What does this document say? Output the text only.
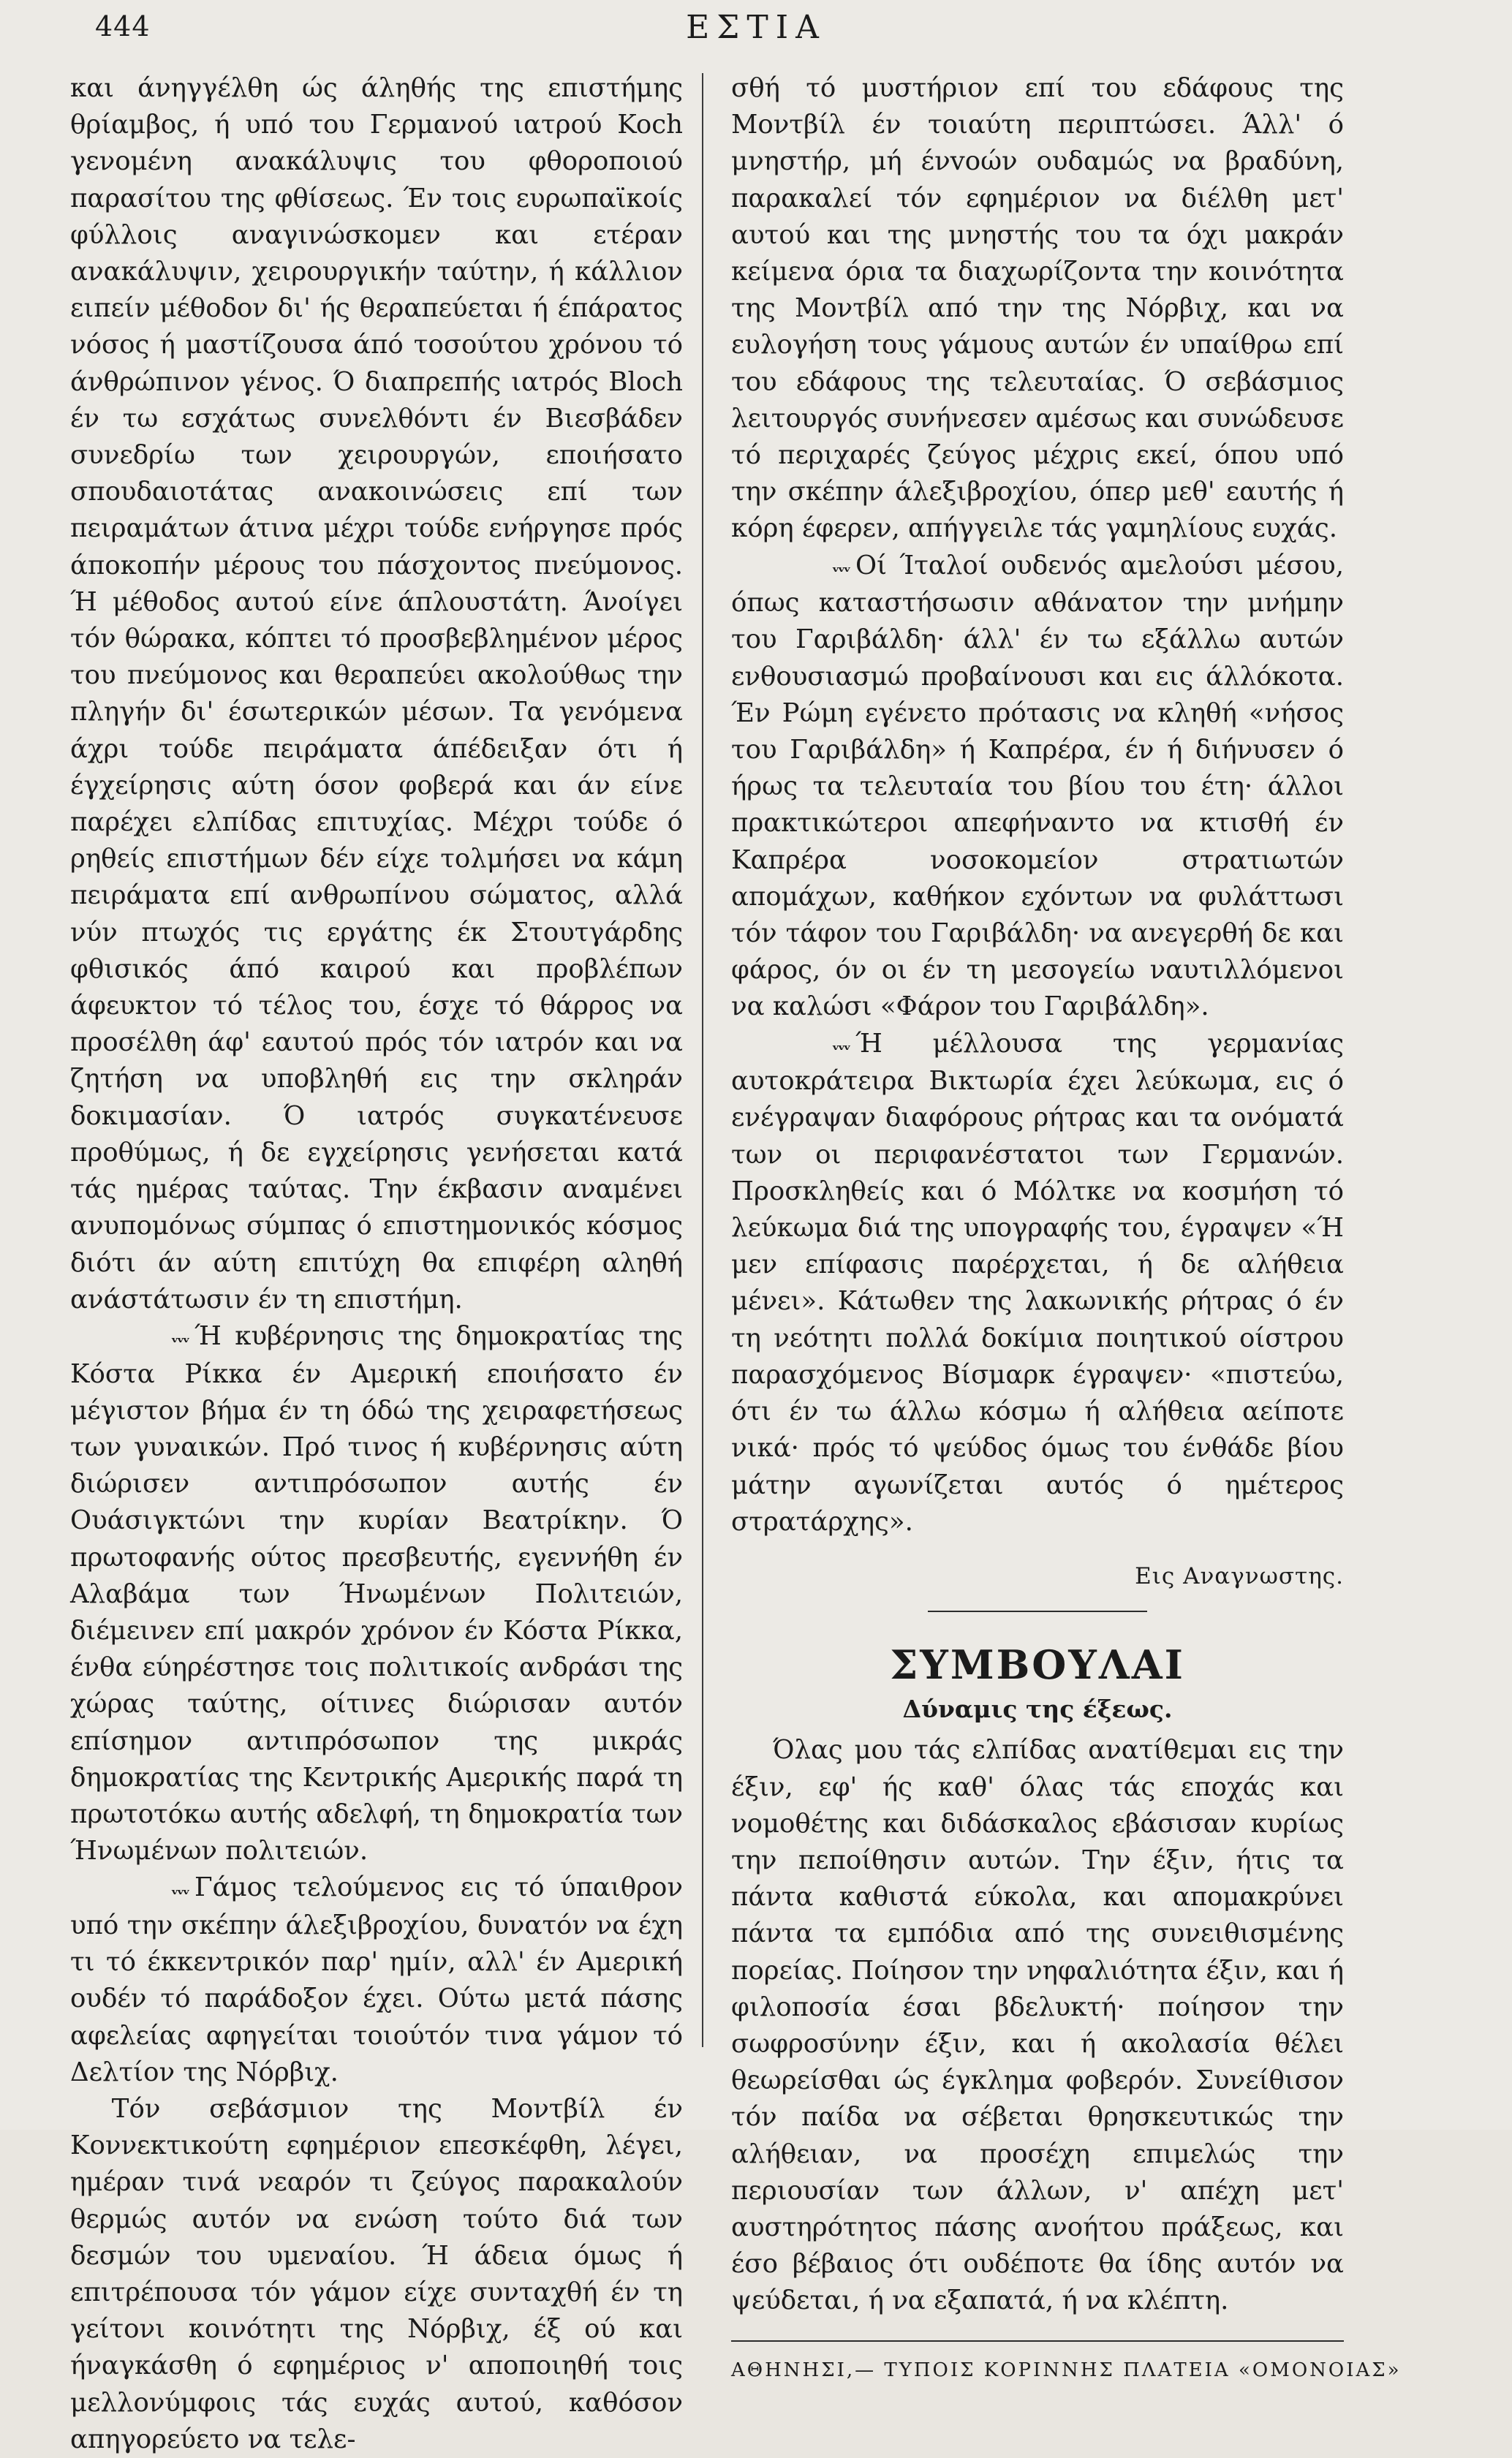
444	ΕΣΤΙΑ

και άνηγγέλθη ώς άληθής της επιστήμης θρίαμβος, ή υπό του Γερμανού ιατρού Koch γενομένη ανακάλυψις του φθοροποιού παρασίτου της φθίσεως. Έν τοις ευρωπαϊκοίς φύλλοις αναγινώσκομεν και ετέραν ανακάλυψιν, χειρουργικήν ταύτην, ή κάλλιον ειπείν μέθοδον δι' ής θεραπεύεται ή έπάρατος νόσος ή μαστίζουσα άπό τοσούτου χρόνου τό άνθρώπινον γένος. Ό διαπρεπής ιατρός Bloch έν τω εσχάτως συνελθόντι έν Βιεσβάδεν συνεδρίω των χειρουργών, εποιήσατο σπουδαιοτάτας ανακοινώσεις επί των πειραμάτων άτινα μέχρι τούδε ενήργησε πρός άποκοπήν μέρους του πάσχοντος πνεύμονος. Ή μέθοδος αυτού είνε άπλουστάτη. Άνοίγει τόν θώρακα, κόπτει τό προσβεβλημένον μέρος του πνεύμονος και θεραπεύει ακολούθως την πληγήν δι' έσωτερικών μέσων. Τα γενόμενα άχρι τούδε πειράματα άπέδειξαν ότι ή έγχείρησις αύτη όσον φοβερά και άν είνε παρέχει ελπίδας επιτυχίας. Μέχρι τούδε ό ρηθείς επιστήμων δέν είχε τολμήσει να κάμη πειράματα επί ανθρωπίνου σώματος, αλλά νύν πτωχός τις εργάτης έκ Στουτγάρδης φθισικός άπό καιρού και προβλέπων άφευκτον τό τέλος του, έσχε τό θάρρος να προσέλθη άφ' εαυτού πρός τόν ιατρόν και να ζητήση να υποβληθή εις την σκληράν δοκιμασίαν. Ό ιατρός συγκατένευσε προθύμως, ή δε εγχείρησις γενήσεται κατά τάς ημέρας ταύτας. Την έκβασιν αναμένει ανυπομόνως σύμπας ό επιστημονικός κόσμος διότι άν αύτη επιτύχη θα επιφέρη αληθή ανάστάτωσιν έν τη επιστήμη.

ᵥᵥᵥ Ή κυβέρνησις της δημοκρατίας της Κόστα Ρίκκα έν Αμερική εποιήσατο έν μέγιστον βήμα έν τη όδώ της χειραφετήσεως των γυναικών. Πρό τινος ή κυβέρνησις αύτη διώρισεν αντιπρόσωπον αυτής έν Ουάσιγκτώνι την κυρίαν Βεατρίκην. Ό πρωτοφανής ούτος πρεσβευτής, εγεννήθη έν Αλαβάμα των Ήνωμένων Πολιτειών, διέμεινεν επί μακρόν χρόνον έν Κόστα Ρίκκα, ένθα εύηρέστησε τοις πολιτικοίς ανδράσι της χώρας ταύτης, οίτινες διώρισαν αυτόν επίσημον αντιπρόσωπον της μικράς δημοκρατίας της Κεντρικής Αμερικής παρά τη πρωτοτόκω αυτής αδελφή, τη δημοκρατία των Ήνωμένων πολιτειών.

ᵥᵥᵥ Γάμος τελούμενος εις τό ύπαιθρον υπό την σκέπην άλεξιβροχίου, δυνατόν να έχη τι τό έκκεντρικόν παρ' ημίν, αλλ' έν Αμερική ουδέν τό παράδοξον έχει. Ούτω μετά πάσης αφελείας αφηγείται τοιούτόν τινα γάμον τό Δελτίον της Νόρβιχ.

Τόν σεβάσμιον της Μοντβίλ έν Κοννεκτικούτη εφημέριον επεσκέφθη, λέγει, ημέραν τινά νεαρόν τι ζεύγος παρακαλούν θερμώς αυτόν να ενώση τούτο διά των δεσμών του υμεναίου. Ή άδεια όμως ή επιτρέπουσα τόν γάμον είχε συνταχθή έν τη γείτονι κοινότητι της Νόρβιχ, έξ ού και ήναγκάσθη ό εφημέριος ν' αποποιηθή τοις μελλονύμφοις τάς ευχάς αυτού, καθόσον απηγορεύετο να τελε-

σθή τό μυστήριον επί του εδάφους της Μοντβίλ έν τοιαύτη περιπτώσει. Άλλ' ό μνηστήρ, μή ένvοών ουδαμώς να βραδύνη, παρακαλεί τόν εφημέριον να διέλθη μετ' αυτού και της μνηστής του τα όχι μακράν κείμενα όρια τα διαχωρίζοντα την κοινότητα της Μοντβίλ από την της Νόρβιχ, και να ευλογήση τους γάμους αυτών έν υπαίθρω επί του εδάφους της τελευταίας. Ό σεβάσμιος λειτουργός συνήνεσεν αμέσως και συνώδευσε τό περιχαρές ζεύγος μέχρις εκεί, όπου υπό την σκέπην άλεξιβροχίου, όπερ μεθ' εαυτής ή κόρη έφερεν, απήγγειλε τάς γαμηλίους ευχάς.

ᵥᵥᵥ Οί Ίταλοί ουδενός αμελούσι μέσου, όπως καταστήσωσιν αθάνατον την μνήμην του Γαριβάλδη· άλλ' έν τω εξάλλω αυτών ενθουσιασμώ προβαίνουσι και εις άλλόκοτα. Έν Ρώμη εγένετο πρότασις να κληθή «νήσος του Γαριβάλδη» ή Καπρέρα, έν ή διήνυσεν ό ήρως τα τελευταία του βίου του έτη· άλλοι πρακτικώτεροι απεφήναντο να κτισθή έν Καπρέρα νοσοκομείον στρατιωτών απομάχων, καθήκον εχόντων να φυλάττωσι τόν τάφον του Γαριβάλδη· να ανεγερθή δε και φάρος, όν οι έν τη μεσογείω ναυτιλλόμενοι να καλώσι «Φάρον του Γαριβάλδη».

ᵥᵥᵥ Ή μέλλουσα της γερμανίας αυτοκράτειρα Βικτωρία έχει λεύκωμα, εις ό ενέγραψαν διαφόρους ρήτρας και τα ονόματά των οι περιφανέστατοι των Γερμανών. Προσκληθείς και ό Μόλτκε να κοσμήση τό λεύκωμα διά της υπογραφής του, έγραψεν «Ή μεν επίφασις παρέρχεται, ή δε αλήθεια μένει». Κάτωθεν της λακωνικής ρήτρας ό έν τη νεότητι πολλά δοκίμια ποιητικού οίστρου παρασχόμενος Βίσμαρκ έγραψεν· «πιστεύω, ότι έν τω άλλω κόσμω ή αλήθεια αείποτε νικά· πρός τό ψεύδος όμως του ένθάδε βίου μάτην αγωνίζεται αυτός ό ημέτερος στρατάρχης».

Εις Αναγνωστης.
ΣΥΜΒΟΥΛΑΙ
Δύναμις της έξεως.

Όλας μου τάς ελπίδας ανατίθεμαι εις την έξιν, εφ' ής καθ' όλας τάς εποχάς και νομοθέτης και διδάσκαλος εβάσισαν κυρίως την πεποίθησιν αυτών. Την έξιν, ήτις τα πάντα καθιστά εύκολα, και απομακρύνει πάντα τα εμπόδια από της συνειθισμένης πορείας. Ποίησον την νηφαλιότητα έξιν, και ή φιλοποσία έσαι βδελυκτή· ποίησον την σωφροσύνην έξιν, και ή ακολασία θέλει θεωρείσθαι ώς έγκλημα φοβερόν. Συνείθισον τόν παίδα να σέβεται θρησκευτικώς την αλήθειαν, να προσέχη επιμελώς την περιουσίαν των άλλων, ν' απέχη μετ' αυστηρότητος πάσης ανοήτου πράξεως, και έσο βέβαιος ότι ουδέποτε θα ίδης αυτόν να ψεύδεται, ή να εξαπατά, ή να κλέπτη.

ΑΘΗΝΗΣΙ,— ΤΥΠΟΙΣ ΚΟΡΙΝΝΗΣ ΠΛΑΤΕΙΑ «ΟΜΟΝΟΙΑΣ»
